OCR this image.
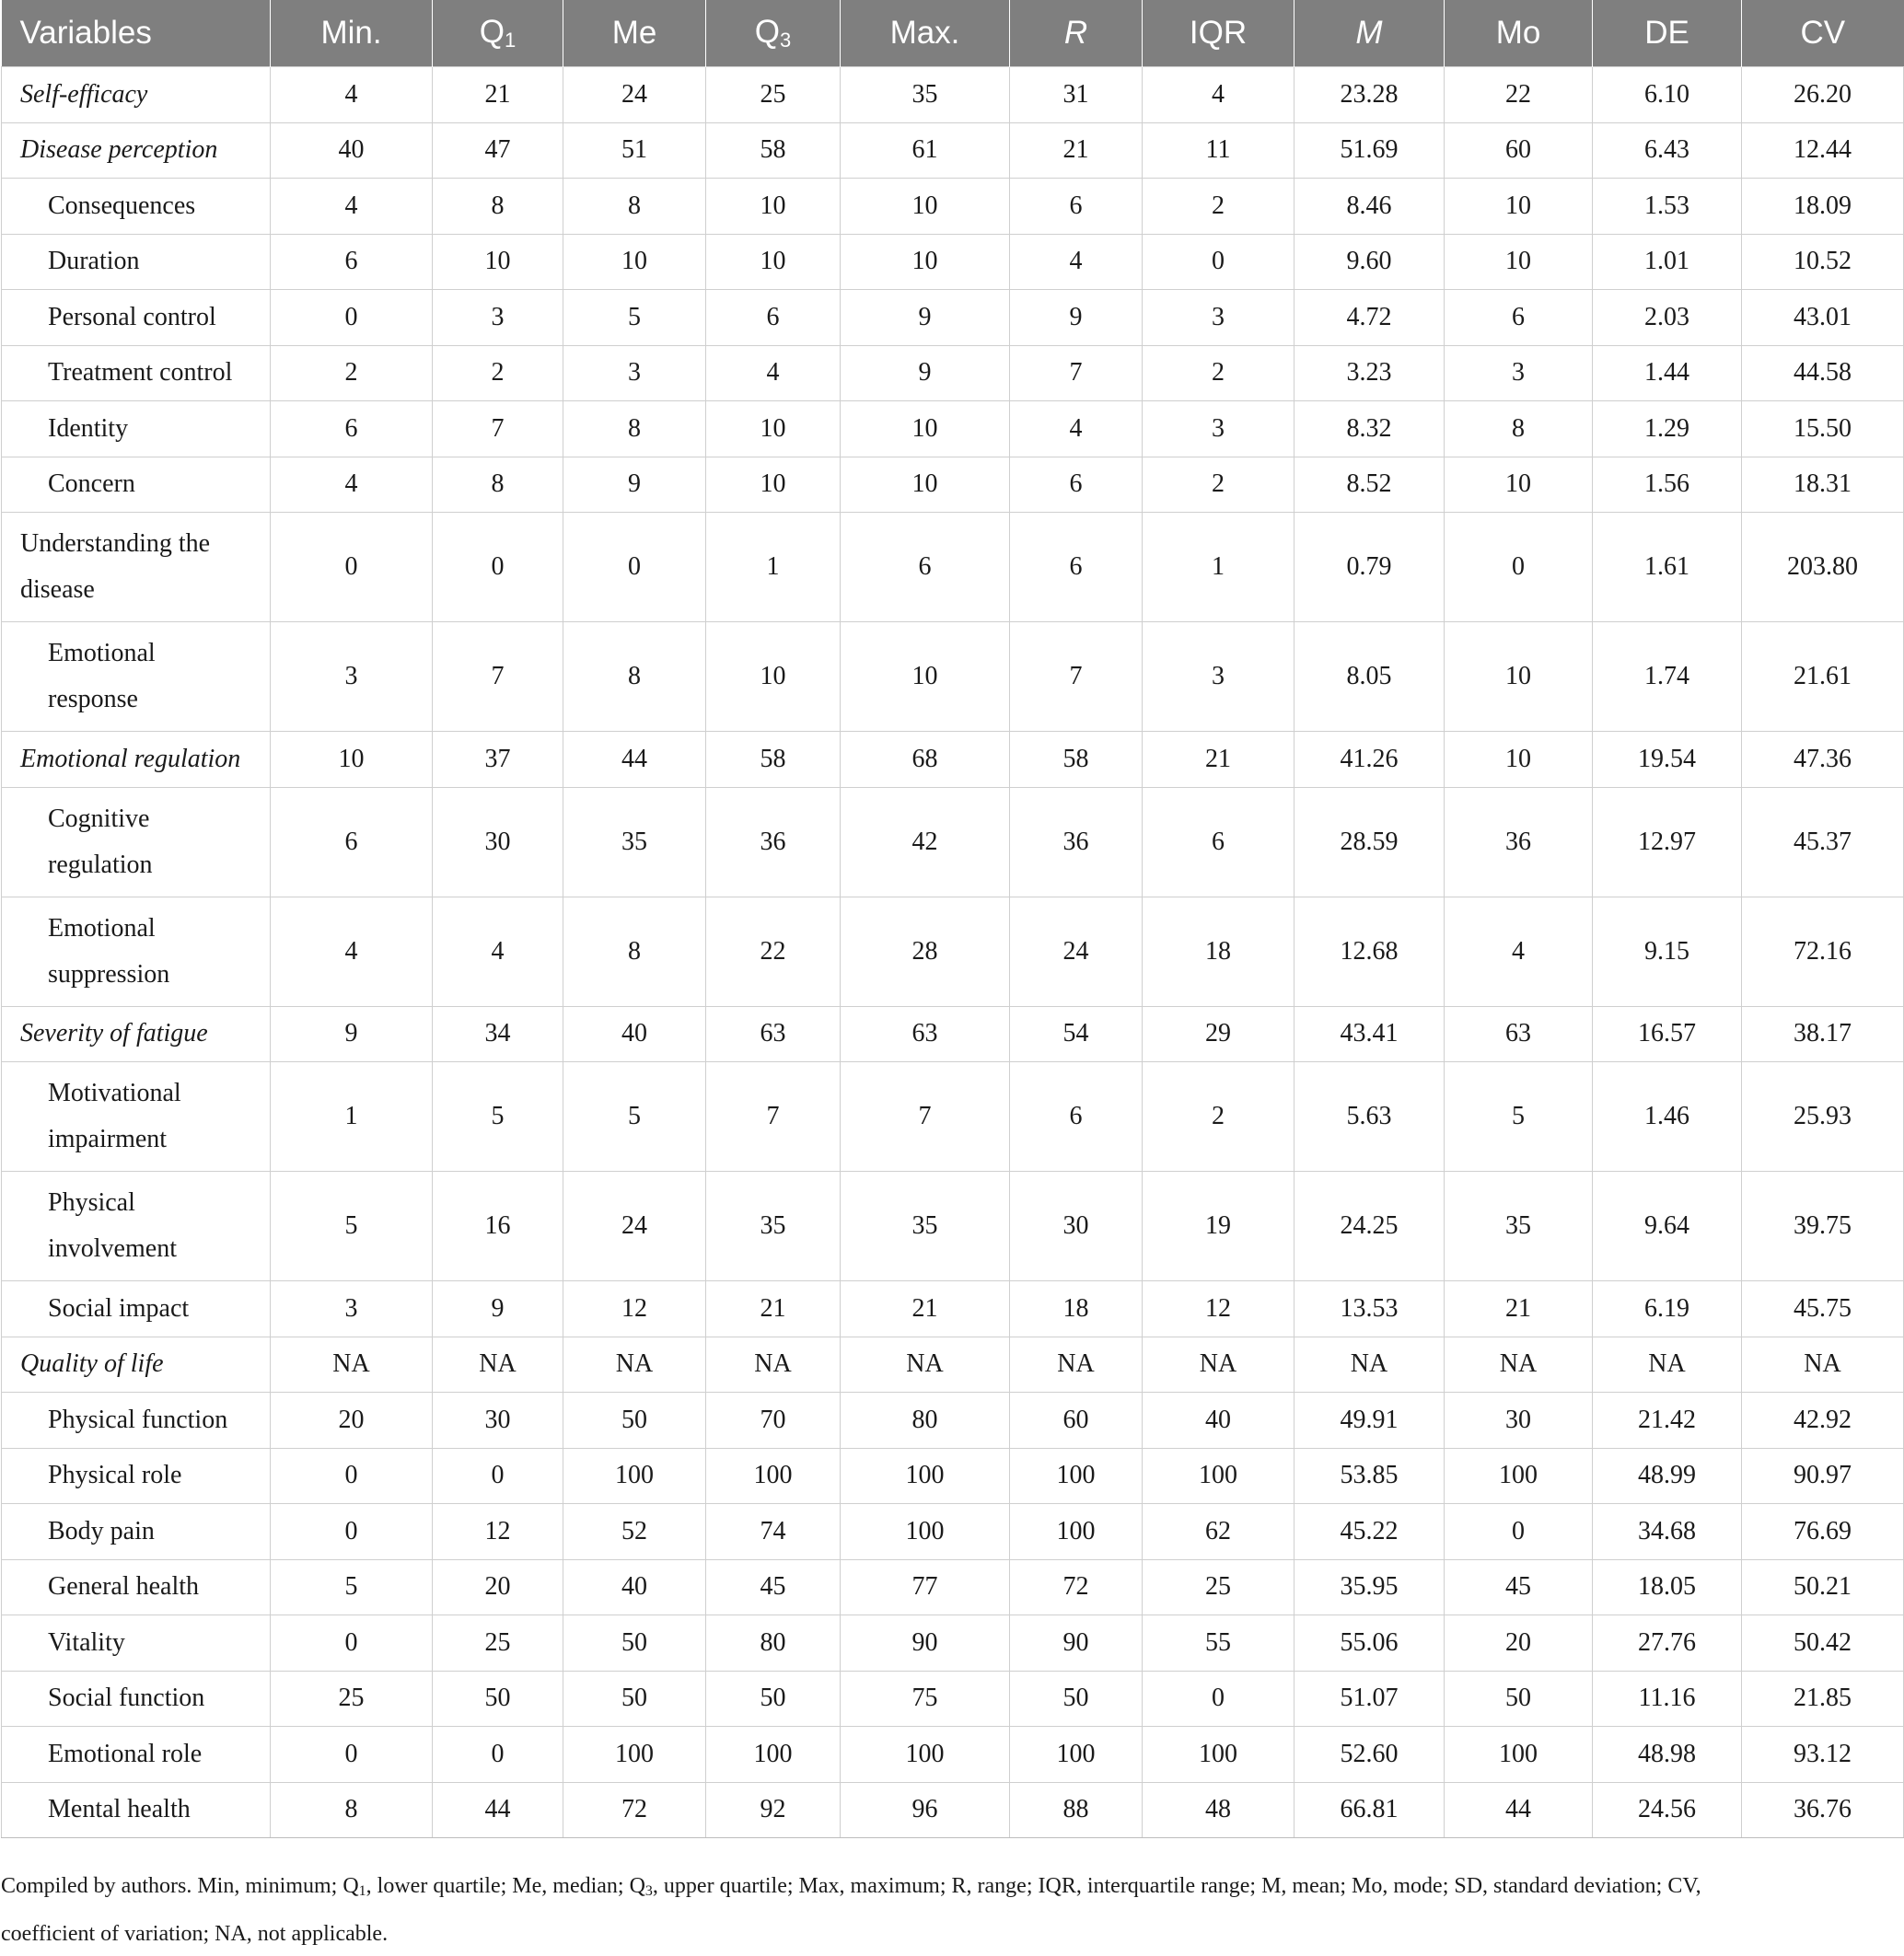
Variables	Min.	$Q_1$	Me	$Q_3$	Max.	R	IQR	M	Mo	DE	CV
Self-efficacy	4	21	24	25	35	31	4	23.28	22	6.10	26.20
Disease perception	40	47	51	58	61	21	11	51.69	60	6.43	12.44
Consequences	4	8	8	10	10	6	2	8.46	10	1.53	18.09
Duration	6	10	10	10	10	4	0	9.60	10	1.01	10.52
Personal control	0	3	5	6	9	9	3	4.72	6	2.03	43.01
Treatment control	2	2	3	4	9	7	2	3.23	3	1.44	44.58
Identity	6	7	8	10	10	4	3	8.32	8	1.29	15.50
Concern	4	8	9	10	10	6	2	8.52	10	1.56	18.31
Understanding the disease	0	0	0	1	6	6	1	0.79	0	1.61	203.80
Emotional response	3	7	8	10	10	7	3	8.05	10	1.74	21.61
Emotional regulation	10	37	44	58	68	58	21	41.26	10	19.54	47.36
Cognitive regulation	6	30	35	36	42	36	6	28.59	36	12.97	45.37
Emotional suppression	4	4	8	22	28	24	18	12.68	4	9.15	72.16
Severity of fatigue	9	34	40	63	63	54	29	43.41	63	16.57	38.17
Motivational impairment	1	5	5	7	7	6	2	5.63	5	1.46	25.93
Physical involvement	5	16	24	35	35	30	19	24.25	35	9.64	39.75
Social impact	3	9	12	21	21	18	12	13.53	21	6.19	45.75
Quality of life	NA	NA	NA	NA	NA	NA	NA	NA	NA	NA	NA
Physical function	20	30	50	70	80	60	40	49.91	30	21.42	42.92
Physical role	0	0	100	100	100	100	100	53.85	100	48.99	90.97
Body pain	0	12	52	74	100	100	62	45.22	0	34.68	76.69
General health	5	20	40	45	77	72	25	35.95	45	18.05	50.21
Vitality	0	25	50	80	90	90	55	55.06	20	27.76	50.42
Social function	25	50	50	50	75	50	0	51.07	50	11.16	21.85
Emotional role	0	0	100	100	100	100	100	52.60	100	48.98	93.12
Mental health	8	44	72	92	96	88	48	66.81	44	24.56	36.76
Compiled by authors. Min, minimum; $Q_1$, lower quartile; Me, median; $Q_3$, upper quartile; Max, maximum; R, range; IQR, interquartile range; M, mean; Mo, mode; SD, standard deviation; CV,
coefficient of variation; NA, not applicable.
